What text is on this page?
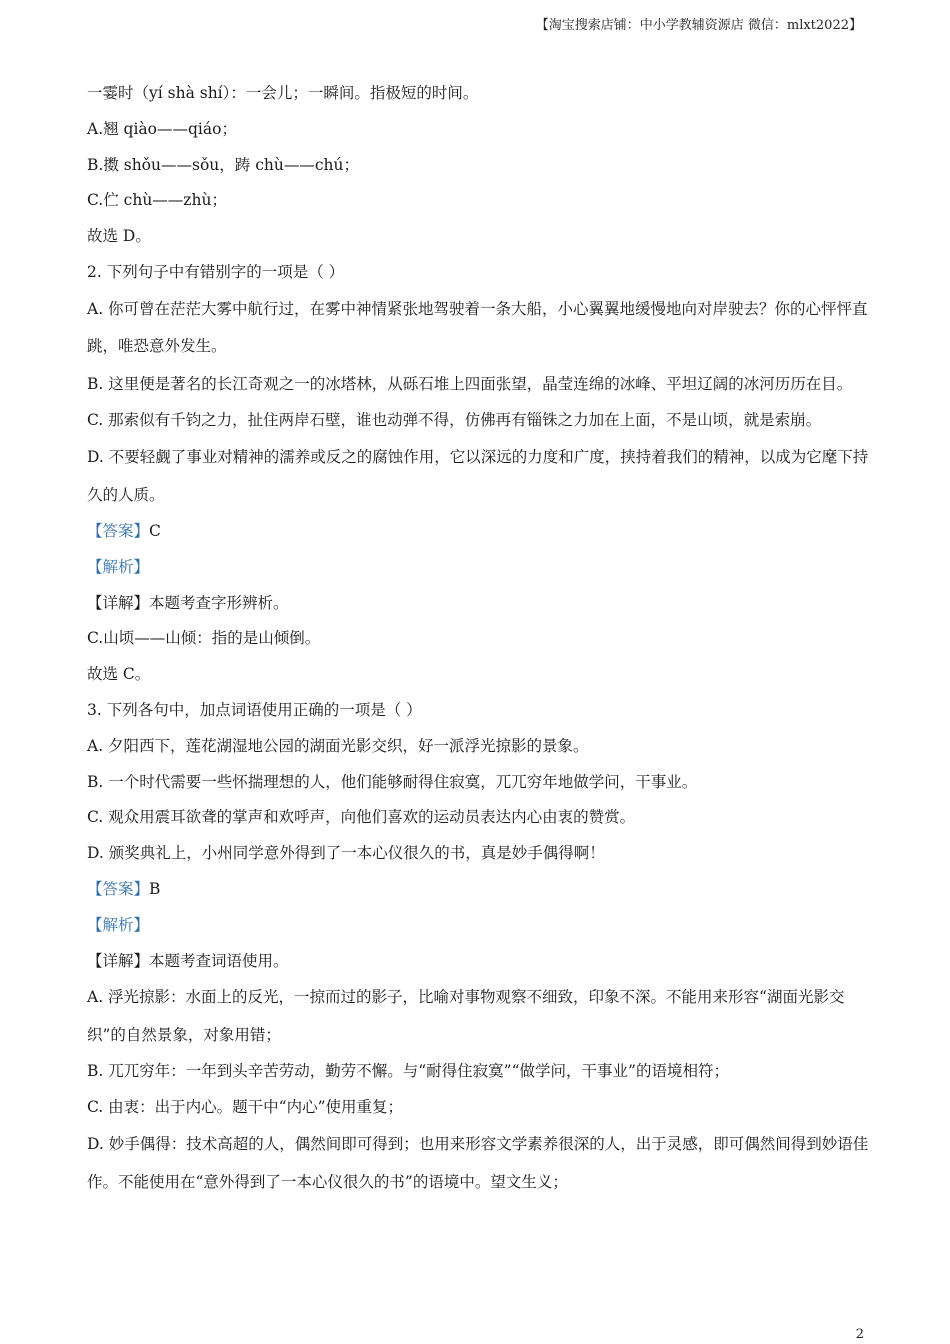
【淘宝搜索店铺：中小学教辅资源店 微信：mlxt2022】
一霎时（yí shà shí）：一会儿；一瞬间。指极短的时间。
A.翘 qiào——qiáo；
B.擞 shǒu——sǒu，踌 chù——chú；
C.伫 chù——zhù；
故选 D。
2. 下列句子中有错别字的一项是（ ）
A. 你可曾在茫茫大雾中航行过，在雾中神情紧张地驾驶着一条大船，小心翼翼地缓慢地向对岸驶去？你的心怦怦直跳，唯恐意外发生。
B. 这里便是著名的长江奇观之一的冰塔林，从砾石堆上四面张望，晶莹连绵的冰峰、平坦辽阔的冰河历历在目。
C. 那索似有千钧之力，扯住两岸石壁，谁也动弹不得，仿佛再有锱铢之力加在上面，不是山顷，就是索崩。
D. 不要轻觑了事业对精神的濡养或反之的腐蚀作用，它以深远的力度和广度，挟持着我们的精神，以成为它麾下持久的人质。
【答案】C
【解析】
【详解】本题考查字形辨析。
C.山顷——山倾：指的是山倾倒。
故选 C。
3. 下列各句中，加点词语使用正确的一项是（ ）
A. 夕阳西下，莲花湖湿地公园的湖面光影交织，好一派浮光掠影的景象。
B. 一个时代需要一些怀揣理想的人，他们能够耐得住寂寞，兀兀穷年地做学问，干事业。
C. 观众用震耳欲聋的掌声和欢呼声，向他们喜欢的运动员表达内心由衷的赞赏。
D. 颁奖典礼上，小州同学意外得到了一本心仪很久的书，真是妙手偶得啊！
【答案】B
【解析】
【详解】本题考查词语使用。
A. 浮光掠影：水面上的反光，一掠而过的影子，比喻对事物观察不细致，印象不深。不能用来形容“湖面光影交织”的自然景象，对象用错；
B. 兀兀穷年：一年到头辛苦劳动，勤劳不懈。与“耐得住寂寞”“做学问，干事业”的语境相符；
C. 由衷：出于内心。题干中“内心”使用重复；
D. 妙手偶得：技术高超的人，偶然间即可得到；也用来形容文学素养很深的人，出于灵感，即可偶然间得到妙语佳作。不能使用在“意外得到了一本心仪很久的书”的语境中。望文生义；
2
